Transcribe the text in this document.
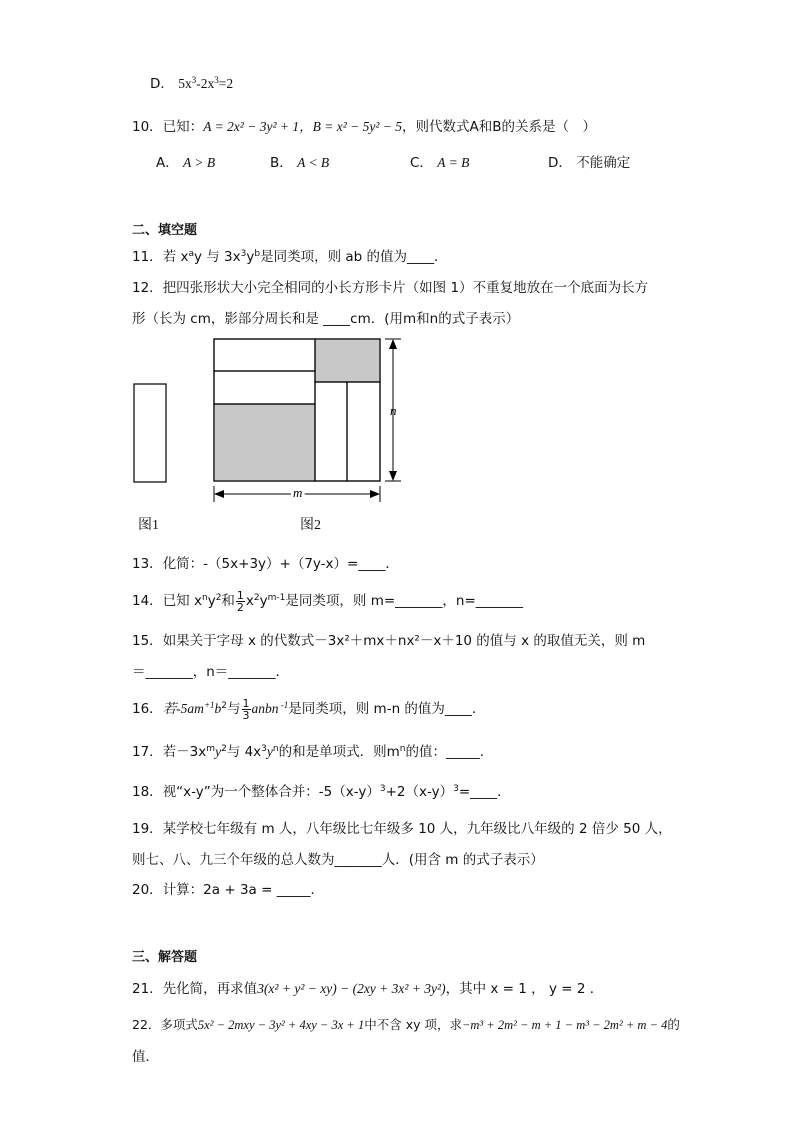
D． $5x^3-2x^3=2$
10．已知：A = 2x² − 3y² + 1，B = x² − 5y² − 5，则代数式A和B的关系是（　）
A． A > B	B． A < B	C． A = B	D． 不能确定
二、填空题
11．若 $x^ay$ 与 $3x^3y^b$是同类项，则 ab 的值为____．
12．把四张形状大小完全相同的小长方形卡片（如图 1）不重复地放在一个底面为长方
形（长为 cm，影部分周长和是 ____cm．(用m和n的式子表示）
n
m
图1	图2
13．化简：-（5x+3y）+（7y-x）=____．
14．已知 $x^ny^2$和 $\frac{1}{2} x^2y^{m-1}$是同类项，则 m=_______，n=_______
15．如果关于字母 x 的代数式－3x²＋mx＋nx²－x＋10 的值与 x 的取值无关，则 m
＝_______，n＝_______．
16．若$-5am^{+1}b^2$与 $\frac{1}{3}$ anbn $^{-1}$是同类项，则 m-n 的值为____．
17．若$-3x^my^2$与 $4x^3y^n$的和是单项式．则$m^n$的值：_____．
18．视“x-y”为一个整体合并：$-5(x-y)^3+2(x-y)^3=\_\_\_\_$．
19．某学校七年级有 m 人，八年级比七年级多 10 人，九年级比八年级的 2 倍少 50 人，
则七、八、九三个年级的总人数为_______人．(用含 m 的式子表示）
20．计算：2a + 3a = _____．
三、解答题
21．先化简，再求值3(x² + y² − xy) − (2xy + 3x² + 3y²)，其中 x = 1 ， y = 2 ．
22．多项式5x² − 2mxy − 3y² + 4xy − 3x + 1中不含 xy 项，求−m³ + 2m² − m + 1 − m³ − 2m² + m − 4的
值．
